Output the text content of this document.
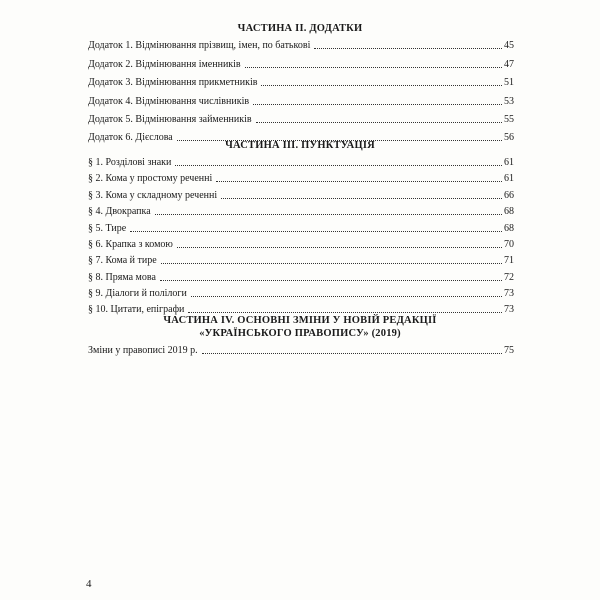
ЧАСТИНА II. ДОДАТКИ
Додаток 1. Відмінювання прізвищ, імен, по батькові	45
Додаток 2. Відмінювання іменників	47
Додаток 3. Відмінювання прикметників	51
Додаток 4. Відмінювання числівників	53
Додаток 5. Відмінювання займенників	55
Додаток 6. Дієслова	56
ЧАСТИНА III. ПУНКТУАЦІЯ
§ 1. Розділові знаки	61
§ 2. Кома у простому реченні	61
§ 3. Кома у складному реченні	66
§ 4. Двокрапка	68
§ 5. Тире	68
§ 6. Крапка з комою	70
§ 7. Кома й тире	71
§ 8. Пряма мова	72
§ 9. Діалоги й полілоги	73
§ 10. Цитати, епіграфи	73
ЧАСТИНА IV. ОСНОВНІ ЗМІНИ У НОВІЙ РЕДАКЦІЇ
«УКРАЇНСЬКОГО ПРАВОПИСУ» (2019)
Зміни у правописі 2019 р.	75
4
